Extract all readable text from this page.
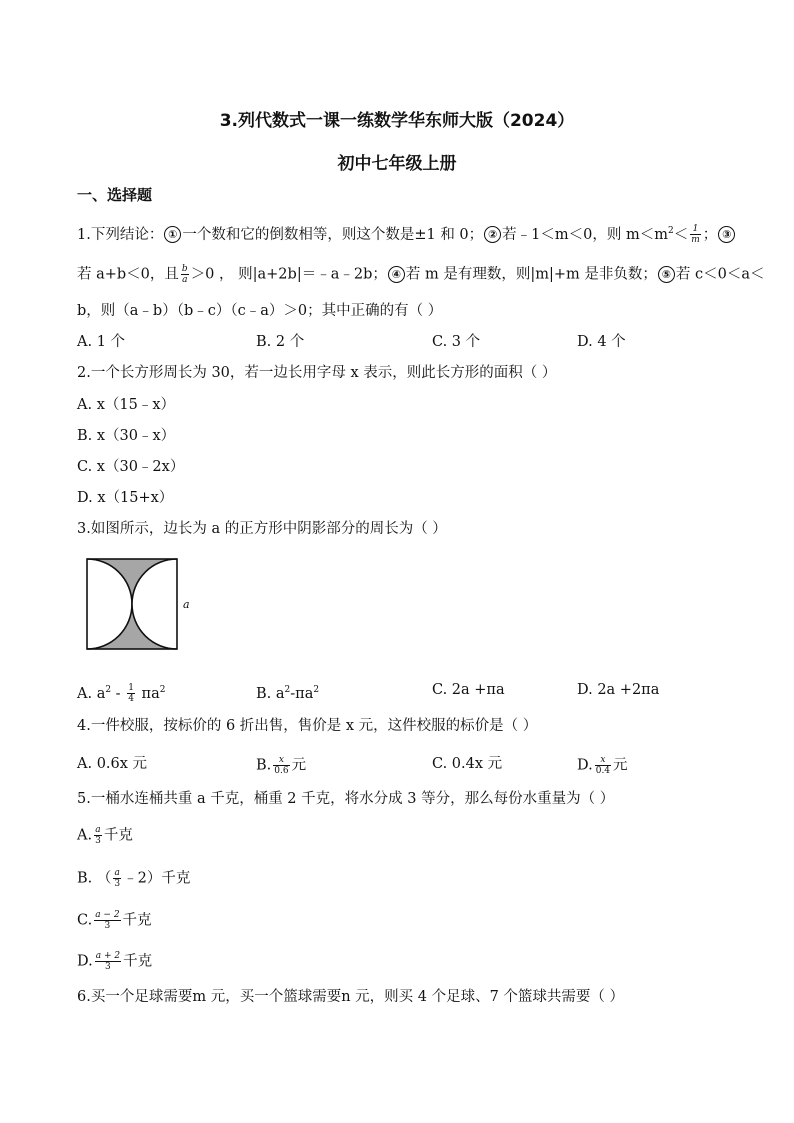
3.列代数式一课一练数学华东师大版（2024）
初中七年级上册
一、选择题
1.下列结论： ① 一个数和它的倒数相等，则这个数是±1 和 0； ② 若﹣1＜m＜0，则 $m<m^2< \frac{1}{m}$ ； ③
若 a+b＜0，且 $\frac{b}{a} >0$ ， 则|a+2b|＝﹣a﹣2b； ④ 若 m 是有理数，则|m|+m 是非负数； ⑤ 若 c＜0＜a＜
b，则（a﹣b）（b﹣c）（c﹣a）＞0；其中正确的有（ ）
A. 1 个	B. 2 个	C. 3 个	D. 4 个
2.一个长方形周长为 30，若一边长用字母 x 表示，则此长方形的面积（ ）
A. x（15﹣x）
B. x（30﹣x）
C. x（30﹣2x）
D. x（15+x）
3.如图所示，边长为 a 的正方形中阴影部分的周长为（ ）
a
A. $a^2 - \frac{1}{4} \pi a^2$	B. $a^2-\pi a^2$	C. 2a +πa	D. 2a +2πa
4.一件校服，按标价的 6 折出售，售价是 x 元，这件校服的标价是（ ）
A. 0.6x 元	B. $\frac{x}{0.6}$ 元	C. 0.4x 元	D. $\frac{x}{0.4}$ 元
5.一桶水连桶共重 a 千克，桶重 2 千克，将水分成 3 等分，那么每份水重量为（ ）
A. $\frac{a}{3}$ 千克
B. （ $\frac{a}{3}$ ﹣2）千克
C. $\frac{a - 2}{3}$ 千克
D. $\frac{a + 2}{3}$ 千克
6.买一个足球需要m 元，买一个篮球需要n 元，则买 4 个足球、7 个篮球共需要（ ）
